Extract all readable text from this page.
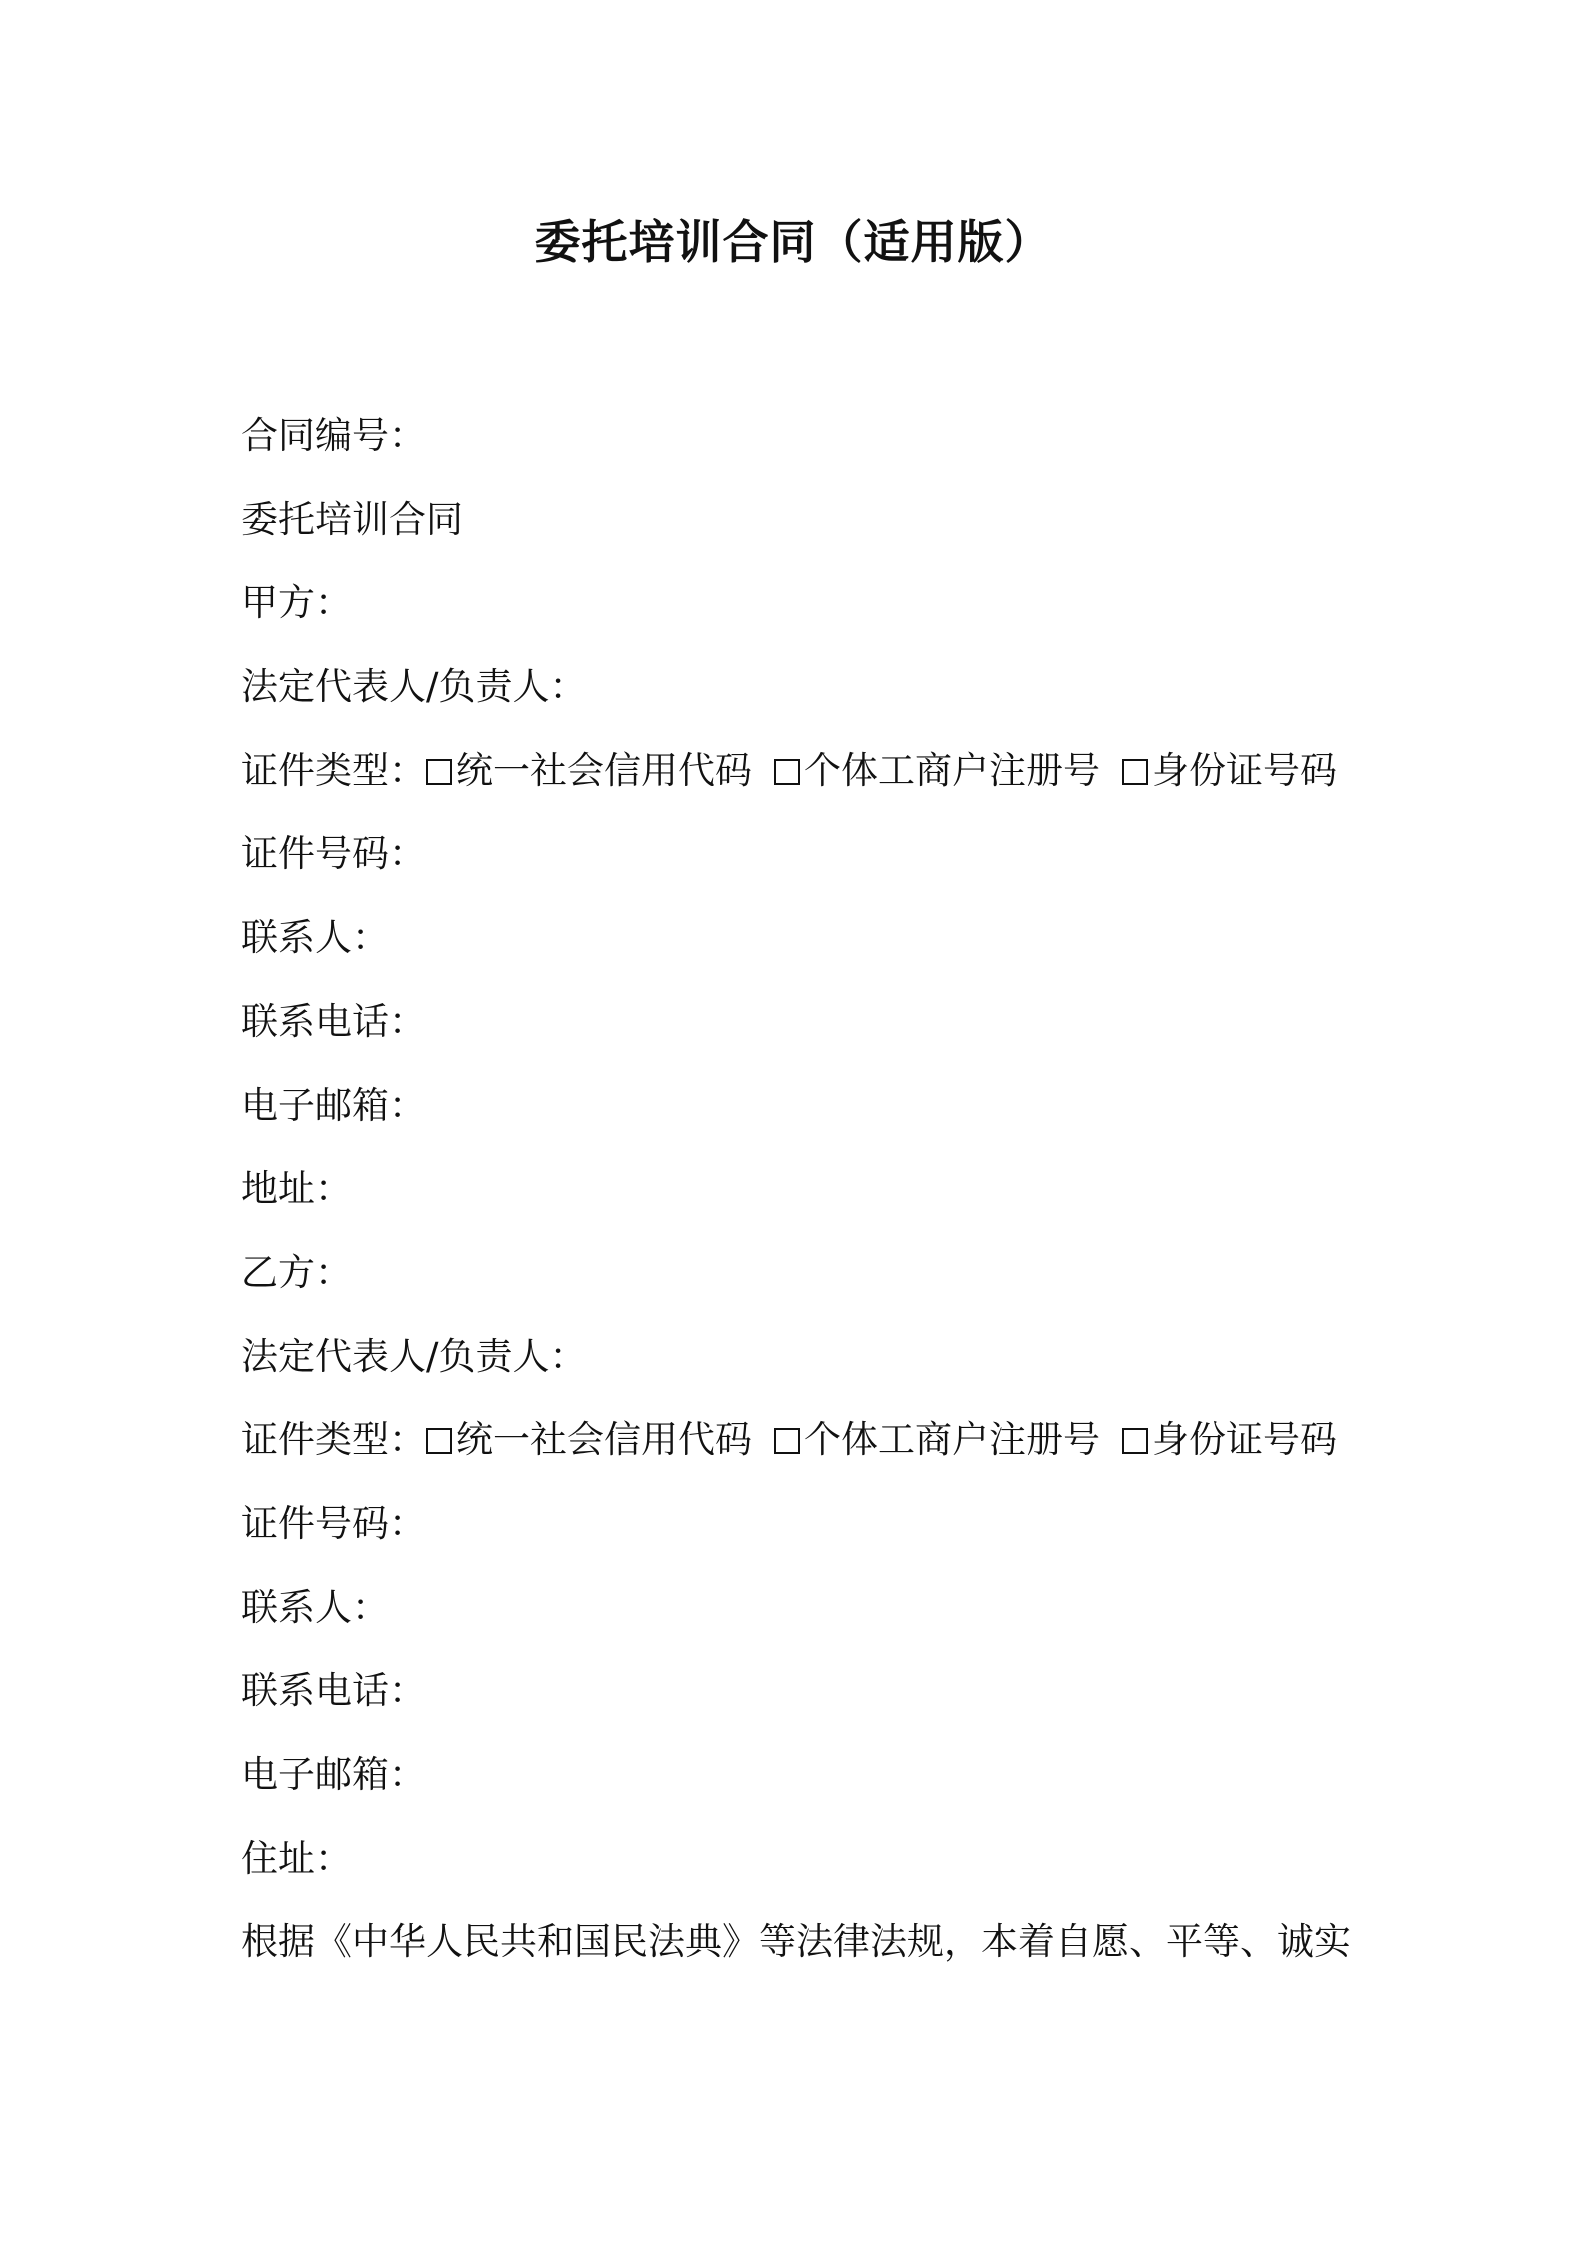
委托培训合同（适用版）
合同编号：
委托培训合同
甲方：
法定代表人/负责人：
证件类型： 统一社会信用代码 个体工商户注册号 身份证号码
证件号码：
联系人：
联系电话：
电子邮箱：
地址：
乙方：
法定代表人/负责人：
证件类型： 统一社会信用代码 个体工商户注册号 身份证号码
证件号码：
联系人：
联系电话：
电子邮箱：
住址：
根据《中华人民共和国民法典》等法律法规，本着自愿、平等、诚实
